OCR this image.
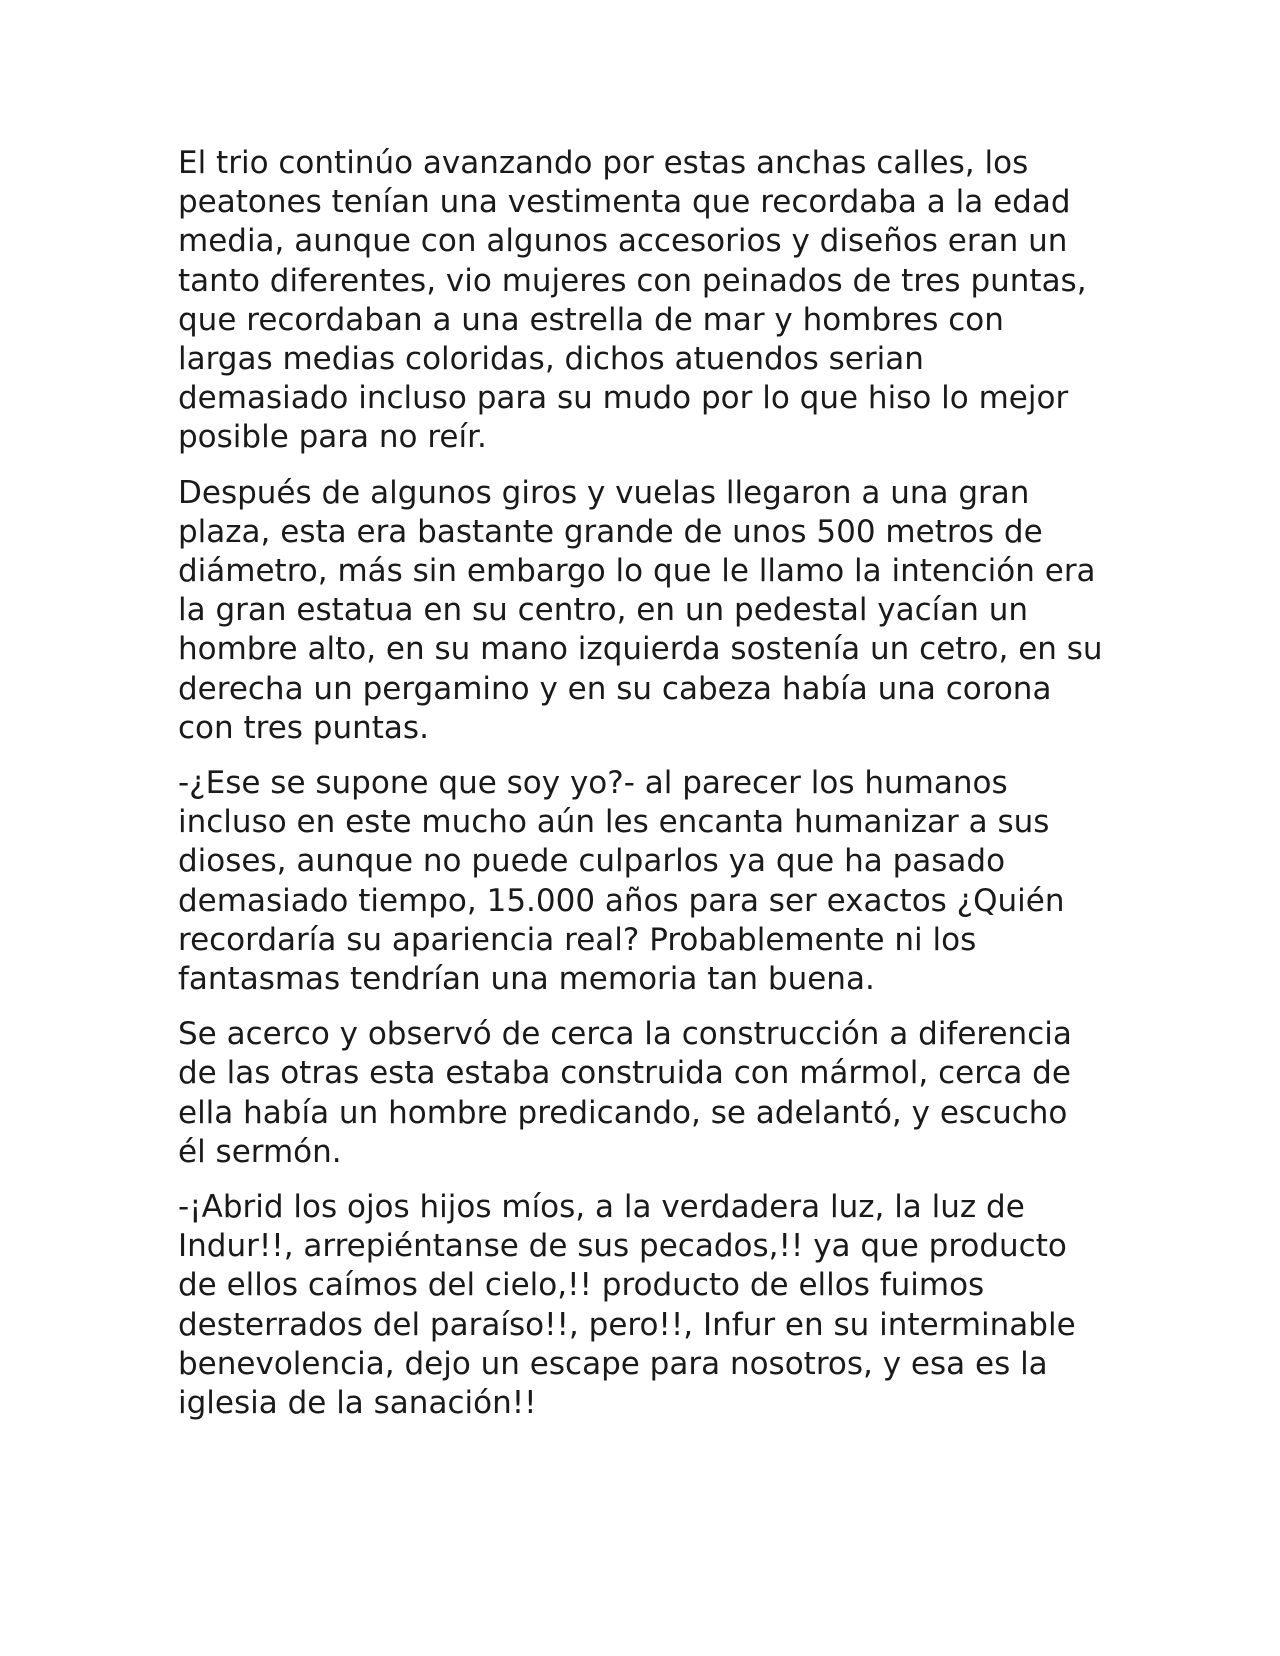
El trio continúo avanzando por estas anchas calles, los peatones tenían una vestimenta que recordaba a la edad media, aunque con algunos accesorios y diseños eran un tanto diferentes, vio mujeres con peinados de tres puntas, que recordaban a una estrella de mar y hombres con largas medias coloridas, dichos atuendos serian demasiado incluso para su mudo por lo que hiso lo mejor posible para no reír.

Después de algunos giros y vuelas llegaron a una gran plaza, esta era bastante grande de unos 500 metros de diámetro, más sin embargo lo que le llamo la intención era la gran estatua en su centro, en un pedestal yacían un hombre alto, en su mano izquierda sostenía un cetro, en su derecha un pergamino y en su cabeza había una corona con tres puntas.

-¿Ese se supone que soy yo?- al parecer los humanos incluso en este mucho aún les encanta humanizar a sus dioses, aunque no puede culparlos ya que ha pasado demasiado tiempo, 15.000 años para ser exactos ¿Quién recordaría su apariencia real? Probablemente ni los fantasmas tendrían una memoria tan buena.

Se acerco y observó de cerca la construcción a diferencia de las otras esta estaba construida con mármol, cerca de ella había un hombre predicando, se adelantó, y escucho él sermón.

-¡Abrid los ojos hijos míos, a la verdadera luz, la luz de Indur!!, arrepiéntanse de sus pecados,!! ya que producto de ellos caímos del cielo,!! producto de ellos fuimos desterrados del paraíso!!, pero!!, Infur en su interminable benevolencia, dejo un escape para nosotros, y esa es la iglesia de la sanación!!
